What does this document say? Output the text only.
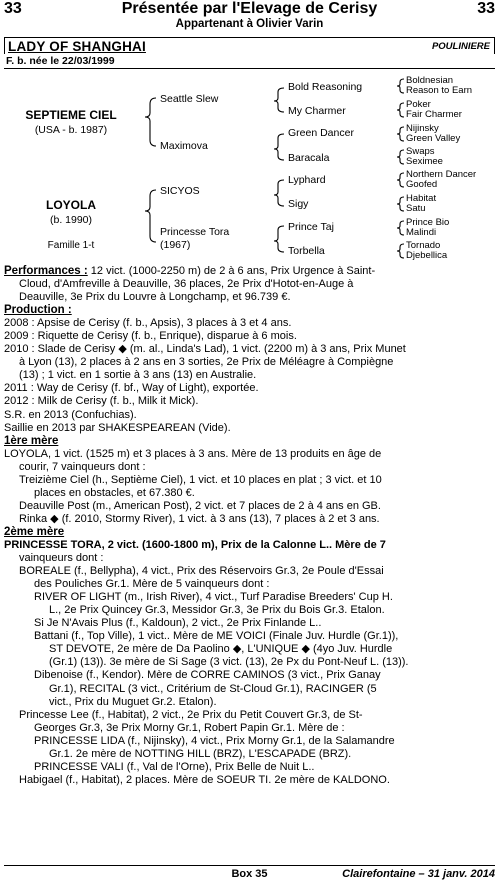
33	Présentée par l'Elevage de Cerisy	33
Appartenant à Olivier Varin
LADY OF SHANGHAI	POULINIERE
F. b. née le 22/03/1999
SEPTIEME CIEL
(USA - b. 1987)
LOYOLA
(b. 1990)
Famille 1-t
Seattle Slew
Maximova
SICYOS
Princesse Tora
(1967)
Bold Reasoning
My Charmer
Green Dancer
Baracala
Lyphard
Sigy
Prince Taj
Torbella
Boldnesian
Reason to Earn
Poker
Fair Charmer
Nijinsky
Green Valley
Swaps
Seximee
Northern Dancer
Goofed
Habitat
Satu
Prince Bio
Malindi
Tornado
Djebellica

Performances : 12 vict. (1000-2250 m) de 2 à 6 ans, Prix Urgence à Saint-

Cloud, d'Amfreville à Deauville, 36 places, 2e Prix d'Hotot-en-Auge à

Deauville, 3e Prix du Louvre à Longchamp, et 96.739 €.

Production :

2008 : Apsise de Cerisy (f. b., Apsis), 3 places à 3 et 4 ans.

2009 : Riquette de Cerisy (f. b., Enrique), disparue à 6 mois.

2010 : Slade de Cerisy ◆ (m. al., Linda's Lad), 1 vict. (2200 m) à 3 ans, Prix Munet

à Lyon (13), 2 places à 2 ans en 3 sorties, 2e Prix de Méléagre à Compiègne

(13) ; 1 vict. en 1 sortie à 3 ans (13) en Australie.

2011 : Way de Cerisy (f. bf., Way of Light), exportée.

2012 : Milk de Cerisy (f. b., Milk it Mick).

S.R. en 2013 (Confuchias).

Saillie en 2013 par SHAKESPEAREAN (Vide).

1ère mère

LOYOLA, 1 vict. (1525 m) et 3 places à 3 ans. Mère de 13 produits en âge de

courir, 7 vainqueurs dont :

Treizième Ciel (h., Septième Ciel), 1 vict. et 10 places en plat ; 3 vict. et 10

places en obstacles, et 67.380 €.

Deauville Post (m., American Post), 2 vict. et 7 places de 2 à 4 ans en GB.

Rinka ◆ (f. 2010, Stormy River), 1 vict. à 3 ans (13), 7 places à 2 et 3 ans.

2ème mère

PRINCESSE TORA, 2 vict. (1600-1800 m), Prix de la Calonne L.. Mère de 7

vainqueurs dont :

BOREALE (f., Bellypha), 4 vict., Prix des Réservoirs Gr.3, 2e Poule d'Essai

des Pouliches Gr.1. Mère de 5 vainqueurs dont :

RIVER OF LIGHT (m., Irish River), 4 vict., Turf Paradise Breeders' Cup H.

L., 2e Prix Quincey Gr.3, Messidor Gr.3, 3e Prix du Bois Gr.3. Etalon.

Si Je N'Avais Plus (f., Kaldoun), 2 vict., 2e Prix Finlande L..

Battani (f., Top Ville), 1 vict.. Mère de ME VOICI (Finale Juv. Hurdle (Gr.1)),

ST DEVOTE, 2e mère de Da Paolino ◆, L'UNIQUE ◆ (4yo Juv. Hurdle

(Gr.1) (13)). 3e mère de Si Sage (3 vict. (13), 2e Px du Pont-Neuf L. (13)).

Dibenoise (f., Kendor). Mère de CORRE CAMINOS (3 vict., Prix Ganay

Gr.1), RECITAL (3 vict., Critérium de St-Cloud Gr.1), RACINGER (5

vict., Prix du Muguet Gr.2. Etalon).

Princesse Lee (f., Habitat), 2 vict., 2e Prix du Petit Couvert Gr.3, de St-

Georges Gr.3, 3e Prix Morny Gr.1, Robert Papin Gr.1. Mère de :

PRINCESSE LIDA (f., Nijinsky), 4 vict., Prix Morny Gr.1, de la Salamandre

Gr.1. 2e mère de NOTTING HILL (BRZ), L'ESCAPADE (BRZ).

PRINCESSE VALI (f., Val de l'Orne), Prix Belle de Nuit L..

Habigael (f., Habitat), 2 places. Mère de SOEUR TI. 2e mère de KALDONO.

Box 35	Clairefontaine – 31 janv. 2014
